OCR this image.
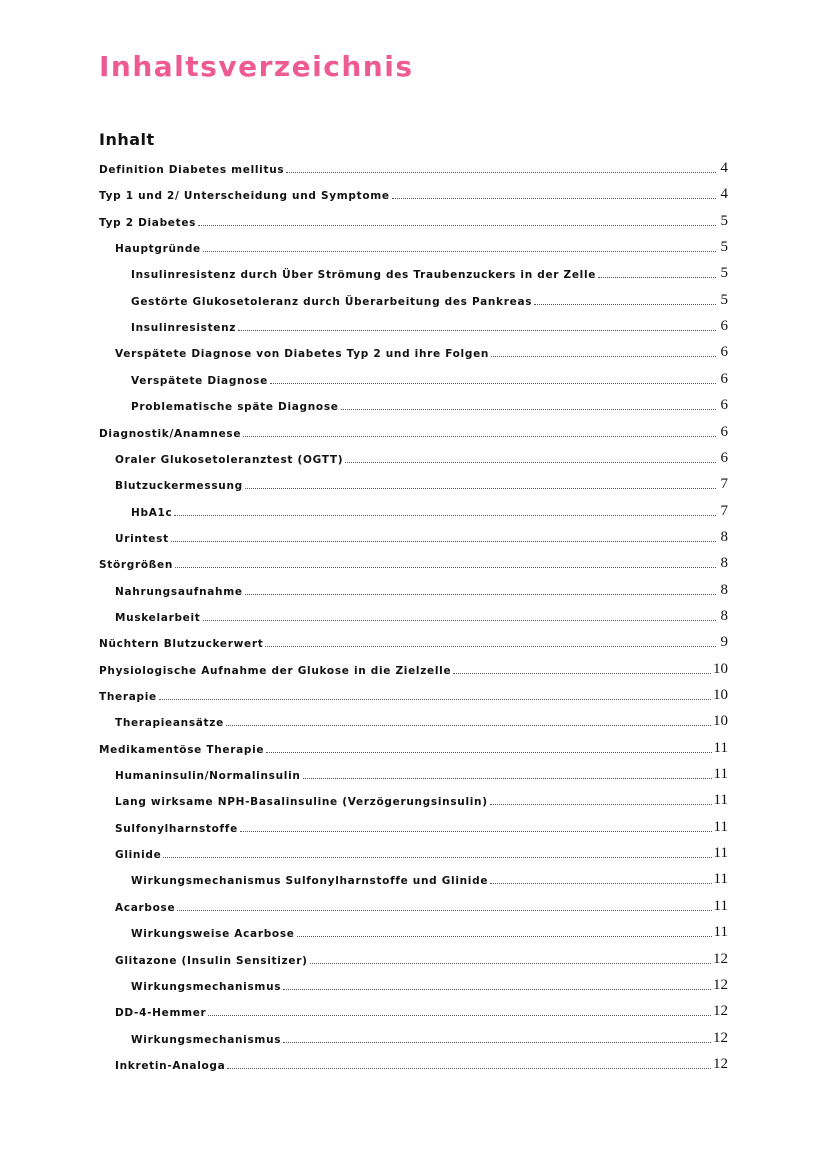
Inhaltsverzeichnis
Inhalt
Definition Diabetes mellitus	4
Typ 1 und 2/ Unterscheidung und Symptome	4
Typ 2 Diabetes	5
Hauptgründe	5
Insulinresistenz durch Über Strömung des Traubenzuckers in der Zelle	5
Gestörte Glukosetoleranz durch Überarbeitung des Pankreas	5
Insulinresistenz	6
Verspätete Diagnose von Diabetes Typ 2 und ihre Folgen	6
Verspätete Diagnose	6
Problematische späte Diagnose	6
Diagnostik/Anamnese	6
Oraler Glukosetoleranztest (OGTT)	6
Blutzuckermessung	7
HbA1c	7
Urintest	8
Störgrößen	8
Nahrungsaufnahme	8
Muskelarbeit	8
Nüchtern Blutzuckerwert	9
Physiologische Aufnahme der Glukose in die Zielzelle	10
Therapie	10
Therapieansätze	10
Medikamentöse Therapie	11
Humaninsulin/Normalinsulin	11
Lang wirksame NPH-Basalinsuline (Verzögerungsinsulin)	11
Sulfonylharnstoffe	11
Glinide	11
Wirkungsmechanismus Sulfonylharnstoffe und Glinide	11
Acarbose	11
Wirkungsweise Acarbose	11
Glitazone (Insulin Sensitizer)	12
Wirkungsmechanismus	12
DD-4-Hemmer	12
Wirkungsmechanismus	12
Inkretin-Analoga	12
